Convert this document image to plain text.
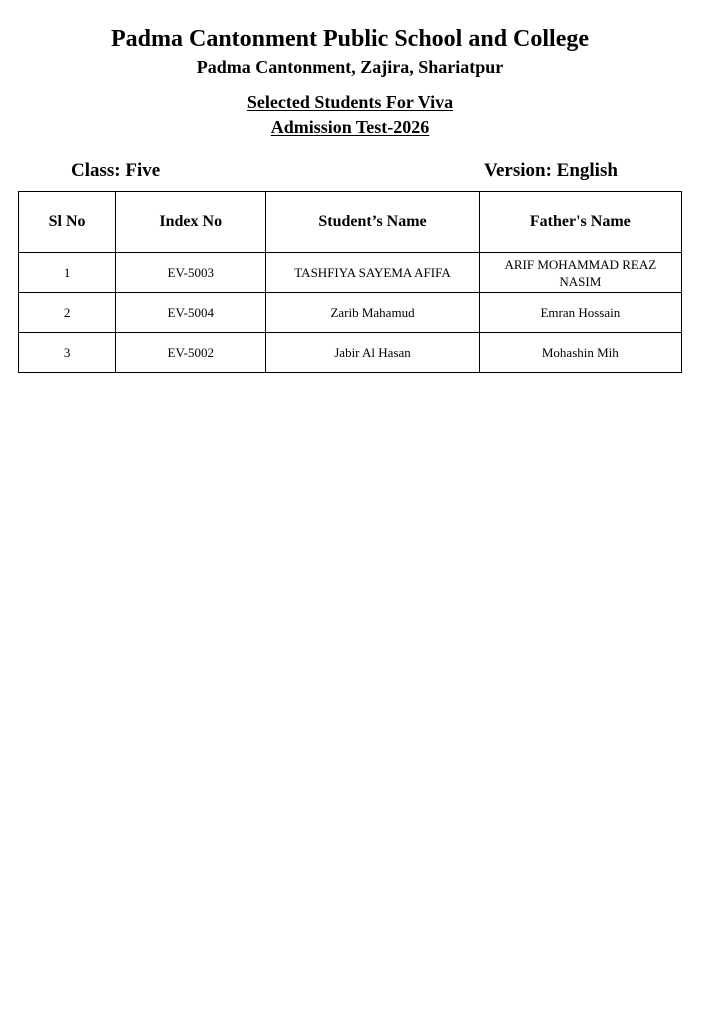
Padma Cantonment Public School and College
Padma Cantonment, Zajira, Shariatpur
Selected Students For Viva
Admission Test-2026
Class: Five	Version: English
Sl No	Index No	Student’s Name	Father's Name
1	EV-5003	TASHFIYA SAYEMA AFIFA	ARIF MOHAMMAD REAZ NASIM
2	EV-5004	Zarib Mahamud	Emran Hossain
3	EV-5002	Jabir Al Hasan	Mohashin Mih
